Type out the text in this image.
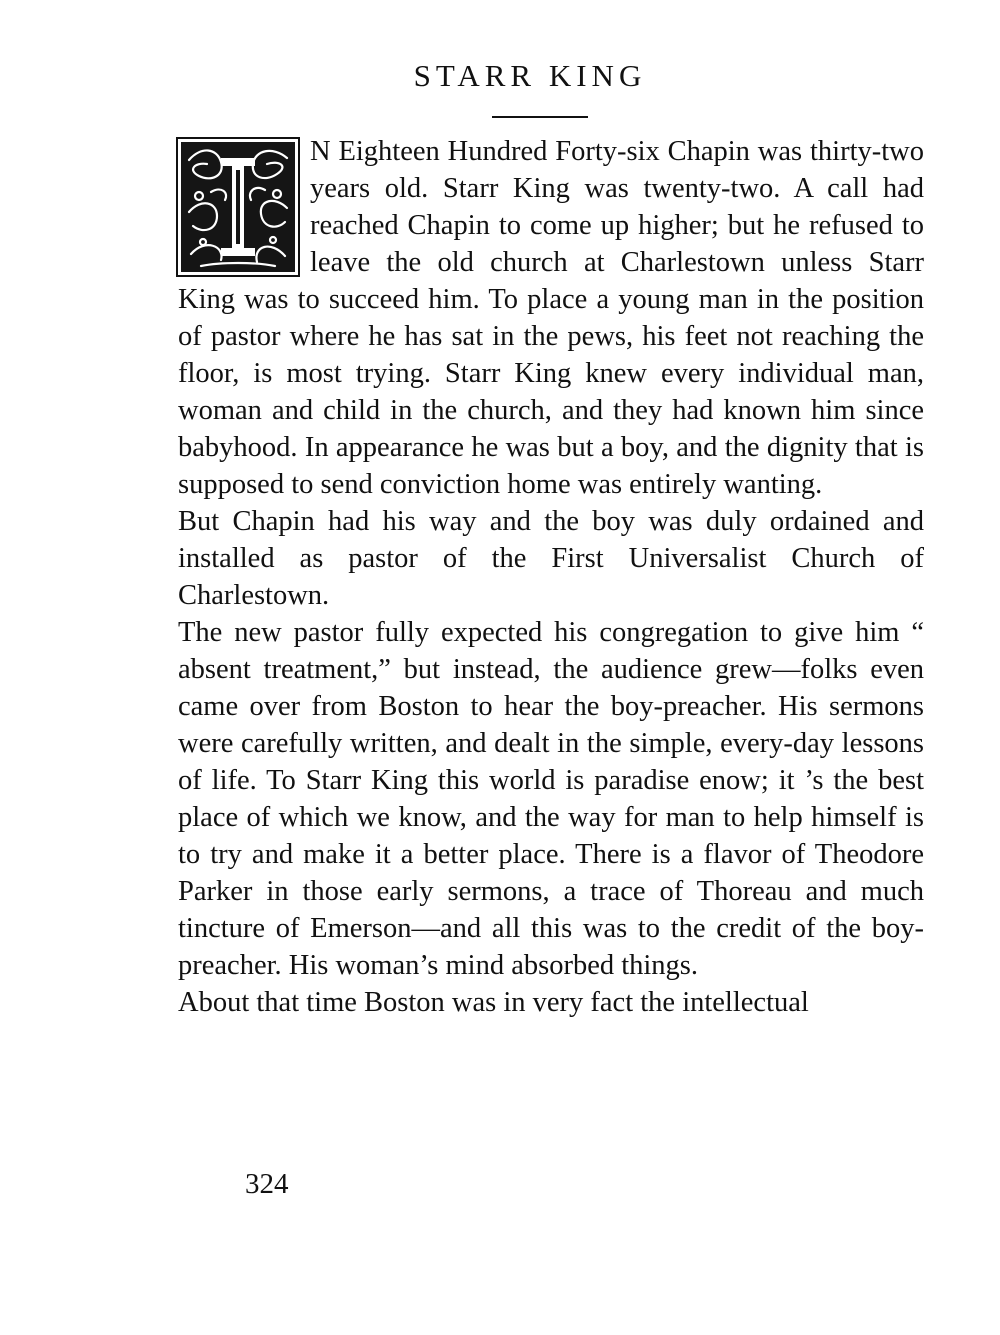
STARR KING

N Eighteen Hundred Forty-six Chapin was thirty-two years old. Starr King was twenty-two. A call had reached Chapin to come up higher; but he refused to leave the old church at Charlestown unless Starr King was to succeed him. To place a young man in the position of pastor where he has sat in the pews, his feet not reaching the floor, is most trying. Starr King knew every individual man, woman and child in the church, and they had known him since babyhood. In appearance he was but a boy, and the dignity that is supposed to send conviction home was entirely wanting.

But Chapin had his way and the boy was duly ordained and installed as pastor of the First Universalist Church of Charlestown.

The new pastor fully expected his congregation to give him “ absent treatment,” but instead, the audience grew—folks even came over from Boston to hear the boy-preacher. His sermons were carefully written, and dealt in the simple, every-day lessons of life. To Starr King this world is paradise enow; it ’s the best place of which we know, and the way for man to help himself is to try and make it a better place. There is a flavor of Theodore Parker in those early sermons, a trace of Thoreau and much tincture of Emerson—and all this was to the credit of the boy-preacher. His woman’s mind absorbed things.

About that time Boston was in very fact the intellectual

324
